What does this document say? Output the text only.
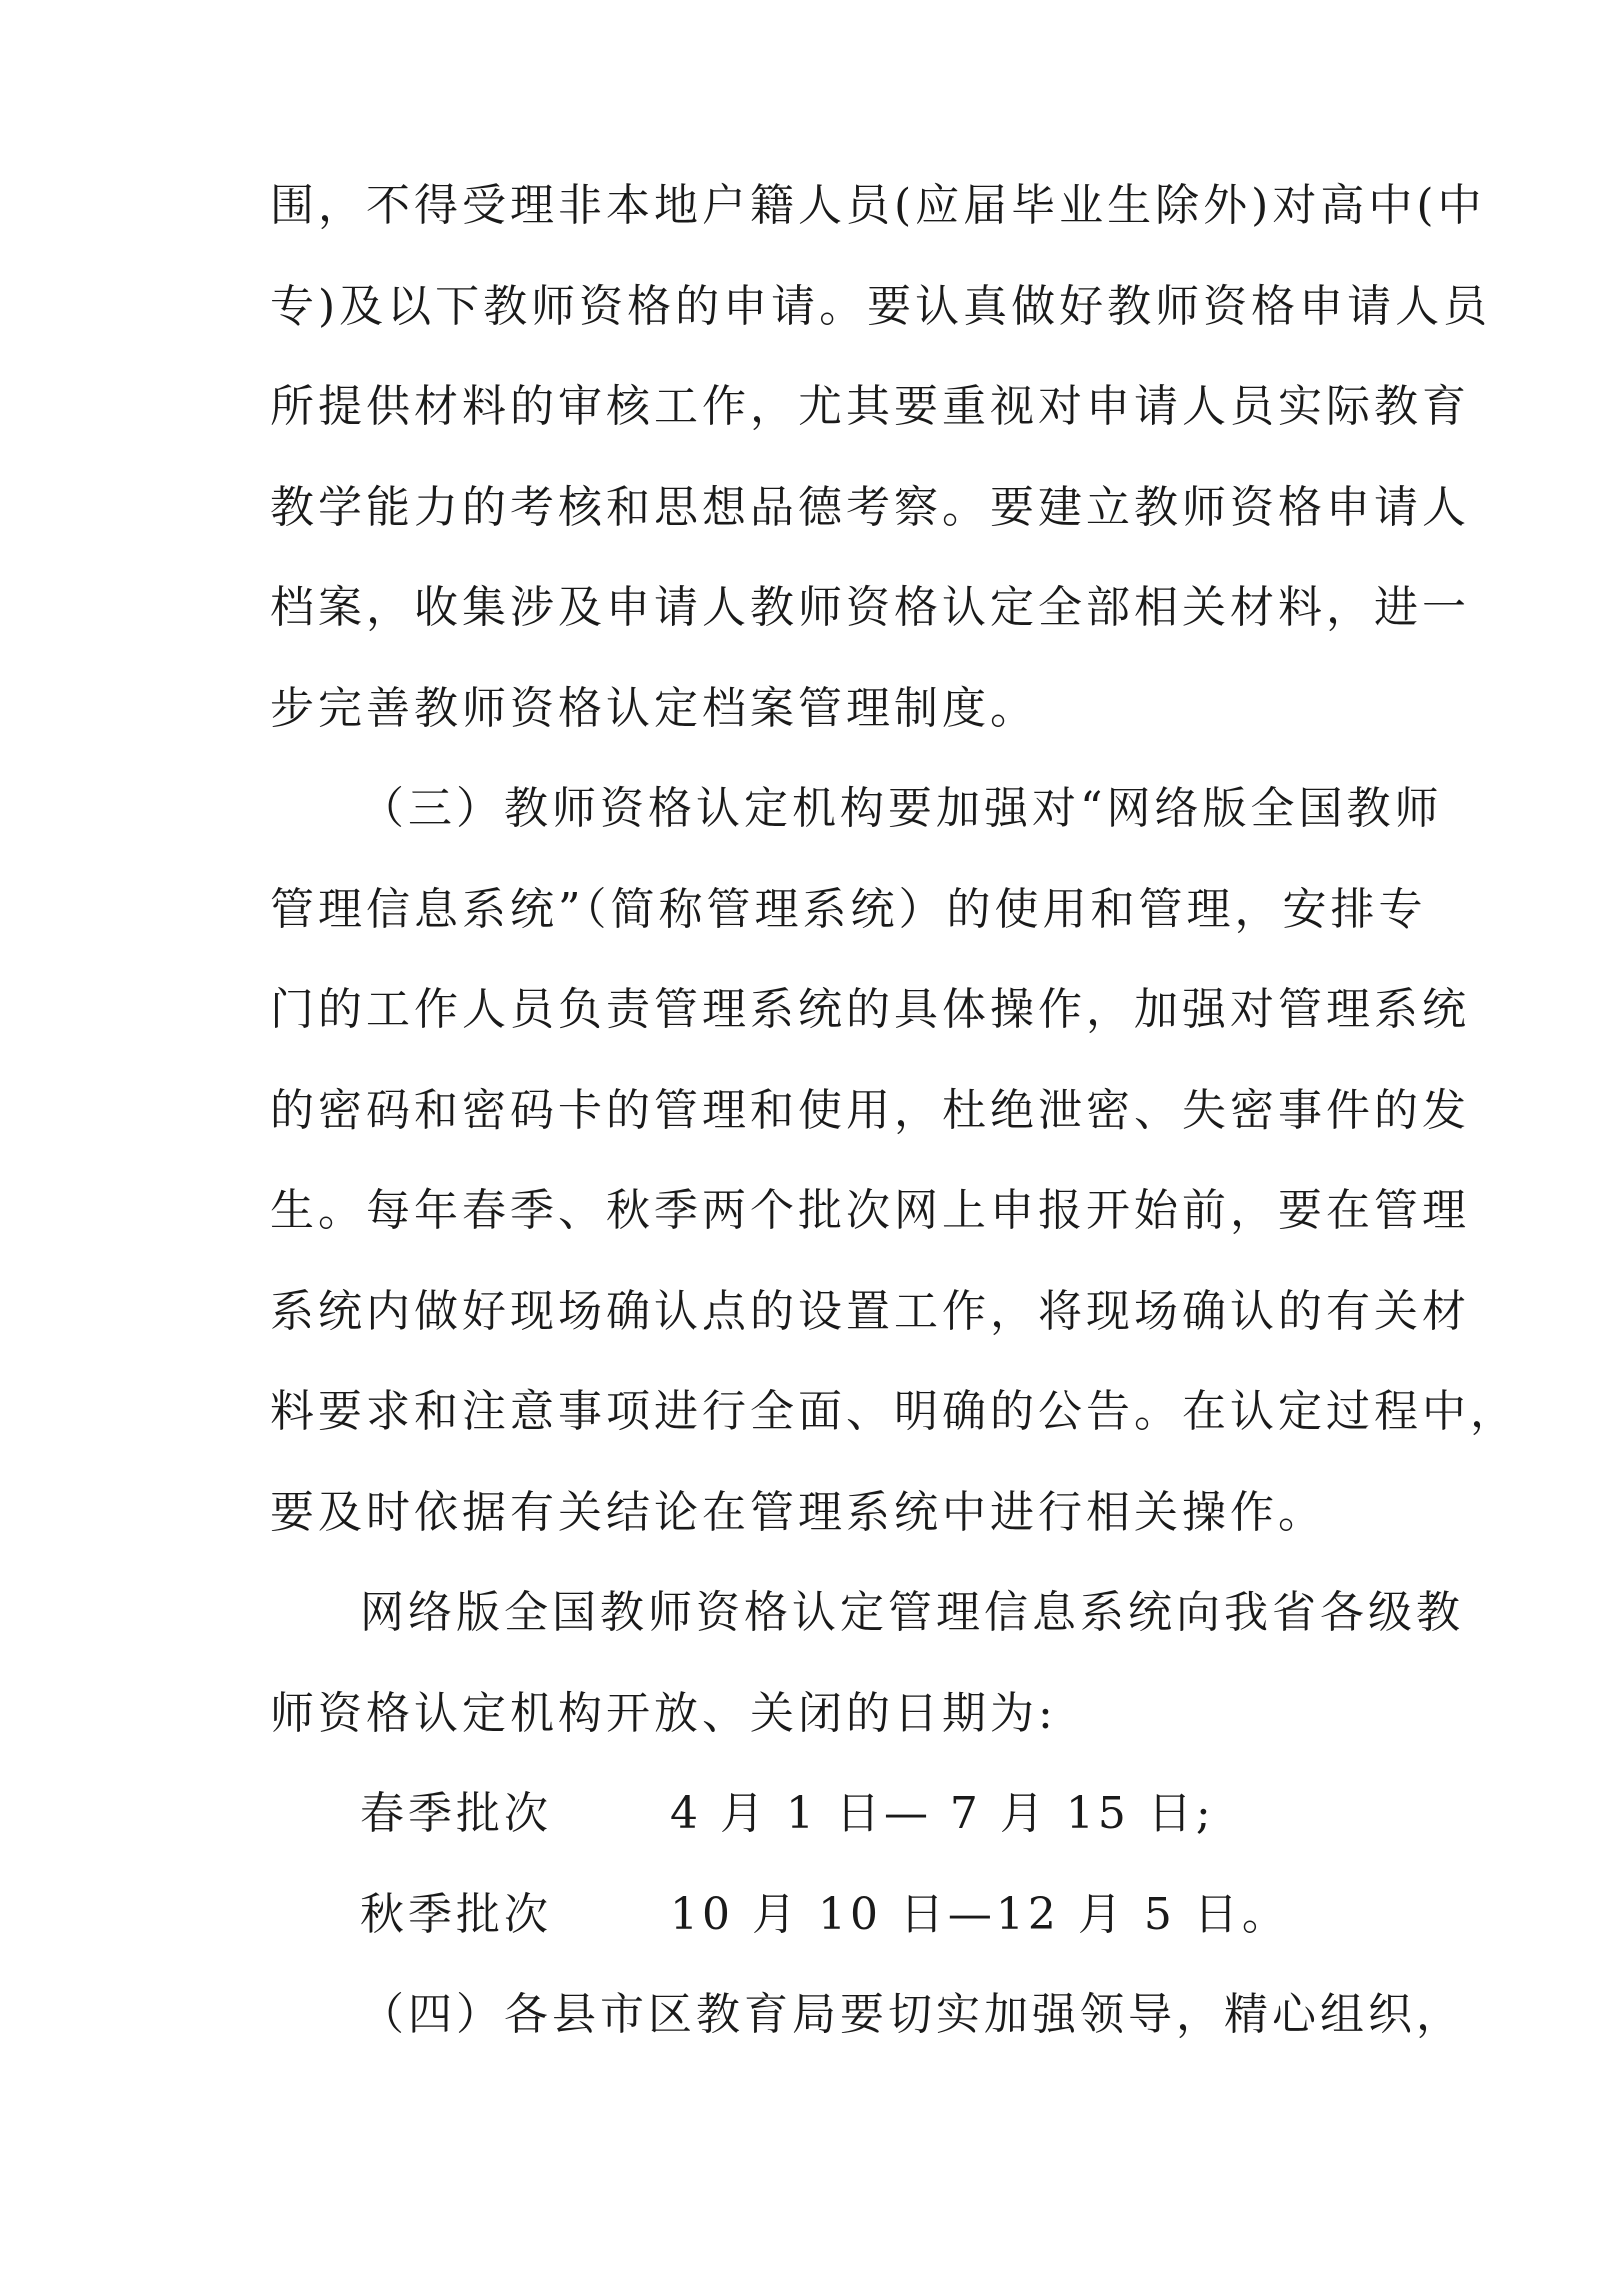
围，不得受理非本地户籍人员(应届毕业生除外)对高中(中

专)及以下教师资格的申请。要认真做好教师资格申请人员

所提供材料的审核工作，尤其要重视对申请人员实际教育

教学能力的考核和思想品德考察。要建立教师资格申请人

档案，收集涉及申请人教师资格认定全部相关材料，进一

步完善教师资格认定档案管理制度。

（三）教师资格认定机构要加强对“网络版全国教师

管理信息系统”（简称管理系统）的使用和管理，安排专

门的工作人员负责管理系统的具体操作，加强对管理系统

的密码和密码卡的管理和使用，杜绝泄密、失密事件的发

生。每年春季、秋季两个批次网上申报开始前，要在管理

系统内做好现场确认点的设置工作，将现场确认的有关材

料要求和注意事项进行全面、明确的公告。在认定过程中，

要及时依据有关结论在管理系统中进行相关操作。

网络版全国教师资格认定管理信息系统向我省各级教

师资格认定机构开放、关闭的日期为:

春季批次	4 月 1 日— 7 月 15 日;
秋季批次	10 月 10 日—12 月 5 日。

（四）各县市区教育局要切实加强领导，精心组织，
